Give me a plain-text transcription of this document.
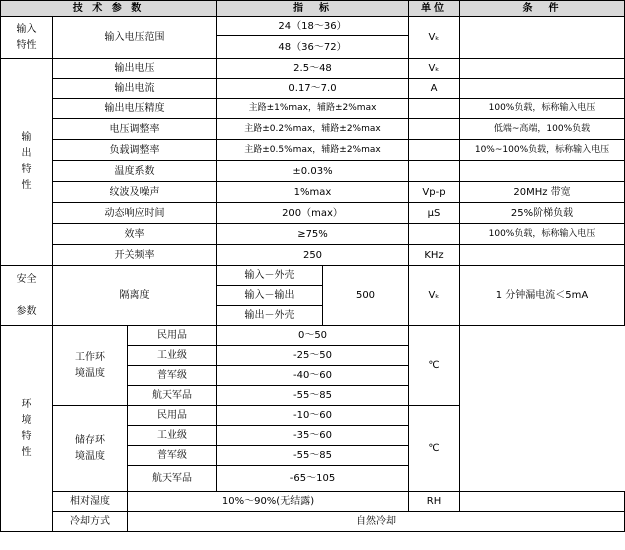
技 术 参 数			指　标		单位	条　件
输入
特性	输入电压范围		24（18～36）		Vₖ	
			48（36～72）			
输
出
特
性	输出电压		2.5～48		Vₖ	
	输出电流		0.17～7.0		A	
	输出电压精度		主路±1%max，辅路±2%max			100%负载，标称输入电压
	电压调整率		主路±0.2%max，辅路±2%max			低端~高端，100%负载
	负载调整率		主路±0.5%max，辅路±2%max			10%~100%负载，标称输入电压
	温度系数		±0.03%			
	纹波及噪声		1%max		Vp-p	20MHz 带宽
	动态响应时间		200（max）		μS	25%阶梯负载
	效率		≥75%			100%负载，标称输入电压
	开关频率		250		KHz	
安全

参数	隔离度		输入－外壳	500	Vₖ	1 分钟漏电流＜5mA
			输入－输出			
			输出－外壳			
环
境
特
性	工作环
境温度	民用品	0～50		℃	
		工业级	-25～50			
		普军级	-40～60			
		航天军品	-55～85			
	储存环
境温度	民用品	-10～60		℃	
		工业级	-35～60			
		普军级	-55～85			
		航天军品	-65～105			
	相对湿度	10%～90%(无结露)			RH	
	冷却方式	自然冷却				
